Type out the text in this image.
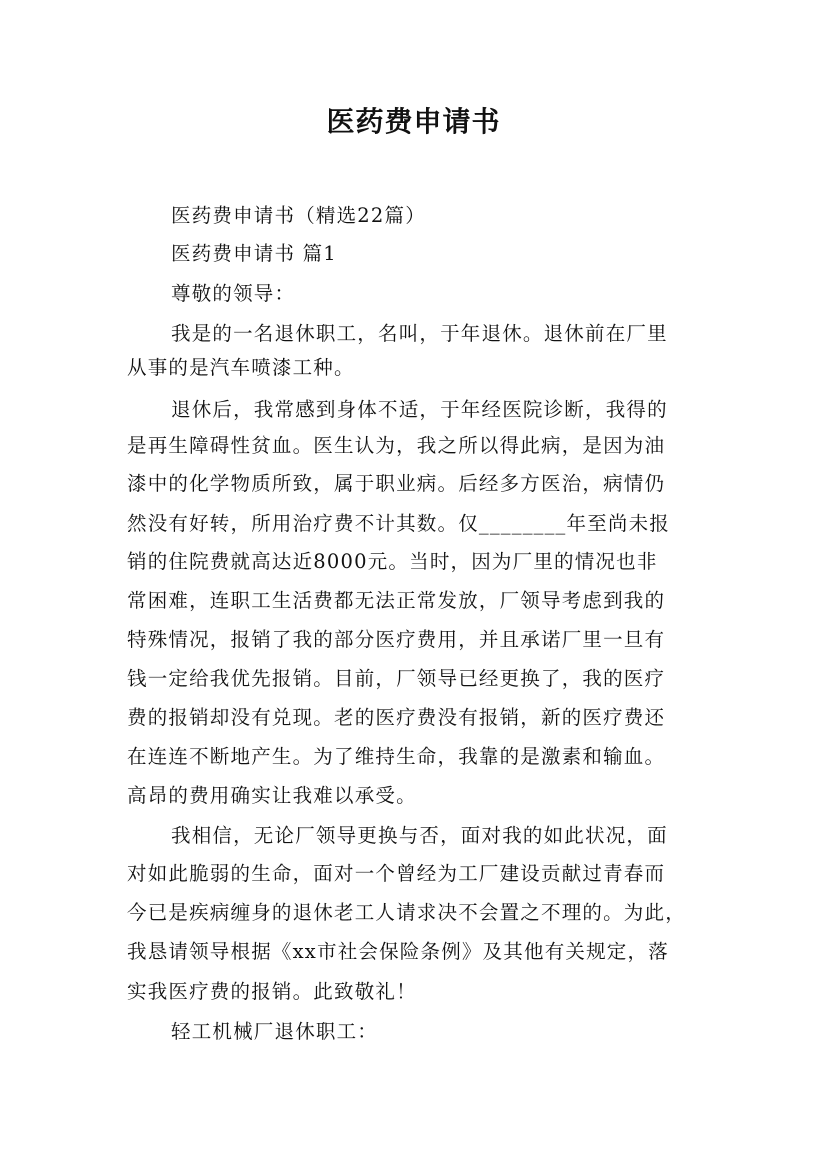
医药费申请书
医药费申请书（精选22篇）
医药费申请书 篇1
尊敬的领导：
我是的一名退休职工，名叫，于年退休。退休前在厂里
从事的是汽车喷漆工种。
退休后，我常感到身体不适，于年经医院诊断，我得的
是再生障碍性贫血。医生认为，我之所以得此病，是因为油
漆中的化学物质所致，属于职业病。后经多方医治，病情仍
然没有好转，所用治疗费不计其数。仅________年至尚未报
销的住院费就高达近8000元。当时，因为厂里的情况也非
常困难，连职工生活费都无法正常发放，厂领导考虑到我的
特殊情况，报销了我的部分医疗费用，并且承诺厂里一旦有
钱一定给我优先报销。目前，厂领导已经更换了，我的医疗
费的报销却没有兑现。老的医疗费没有报销，新的医疗费还
在连连不断地产生。为了维持生命，我靠的是激素和输血。
高昂的费用确实让我难以承受。
我相信，无论厂领导更换与否，面对我的如此状况，面
对如此脆弱的生命，面对一个曾经为工厂建设贡献过青春而
今已是疾病缠身的退休老工人请求决不会置之不理的。为此，
我恳请领导根据《xx市社会保险条例》及其他有关规定，落
实我医疗费的报销。此致敬礼！
轻工机械厂退休职工：
